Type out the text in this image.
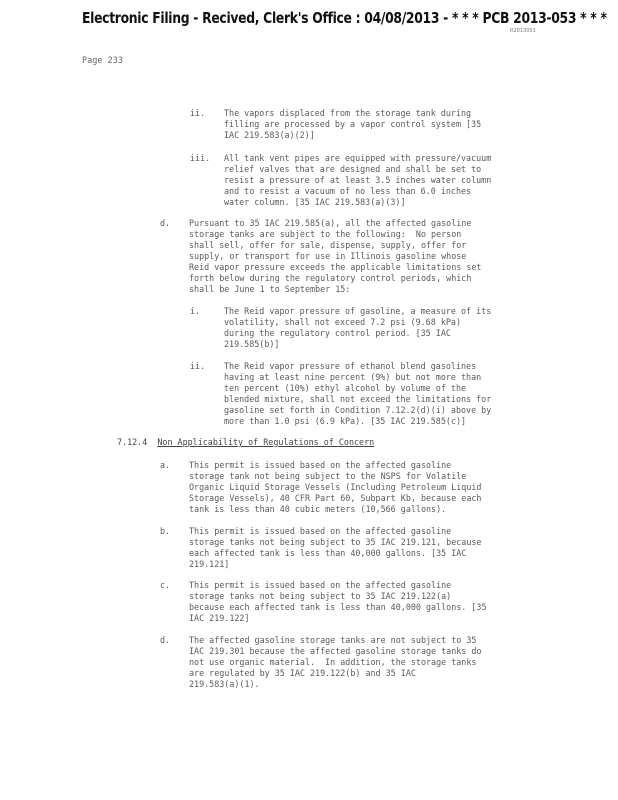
Electronic Filing - Recived, Clerk's Office : 04/08/2013 - * * * PCB 2013-053 * * *
R2013053
Page 233
ii. The vapors displaced from the storage tank during
filling are processed by a vapor control system [35
IAC 219.583(a)(2)]
iii. All tank vent pipes are equipped with pressure/vacuum
relief valves that are designed and shall be set to
resist a pressure of at least 3.5 inches water column
and to resist a vacuum of no less than 6.0 inches
water column. [35 IAC 219.583(a)(3)]
d. Pursuant to 35 IAC 219.585(a), all the affected gasoline
storage tanks are subject to the following:  No person
shall sell, offer for sale, dispense, supply, offer for
supply, or transport for use in Illinois gasoline whose
Reid vapor pressure exceeds the applicable limitations set
forth below during the regulatory control periods, which
shall be June 1 to September 15:
i.	The Reid vapor pressure of gasoline, a measure of its
volatility, shall not exceed 7.2 psi (9.68 kPa)
during the regulatory control period. [35 IAC
219.585(b)]
ii. The Reid vapor pressure of ethanol blend gasolines
having at least nine percent (9%) but not more than
ten percent (10%) ethyl alcohol by volume of the
blended mixture, shall not exceed the limitations for
gasoline set forth in Condition 7.12.2(d)(i) above by
more than 1.0 psi (6.9 kPa). [35 IAC 219.585(c)]
7.12.4 Non Applicability of Regulations of Concern
a. This permit is issued based on the affected gasoline
storage tank not being subject to the NSPS for Volatile
Organic Liquid Storage Vessels (Including Petroleum Liquid
Storage Vessels), 40 CFR Part 60, Subpart Kb, because each
tank is less than 40 cubic meters (10,566 gallons).
b. This permit is issued based on the affected gasoline
storage tanks not being subject to 35 IAC 219.121, because
each affected tank is less than 40,000 gallons. [35 IAC
219.121]
c. This permit is issued based on the affected gasoline
storage tanks not being subject to 35 IAC 219.122(a)
because each affected tank is less than 40,000 gallons. [35
IAC 219.122]
d. The affected gasoline storage tanks are not subject to 35
IAC 219.301 because the affected gasoline storage tanks do
not use organic material.  In addition, the storage tanks
are regulated by 35 IAC 219.122(b) and 35 IAC
219.583(a)(1).
